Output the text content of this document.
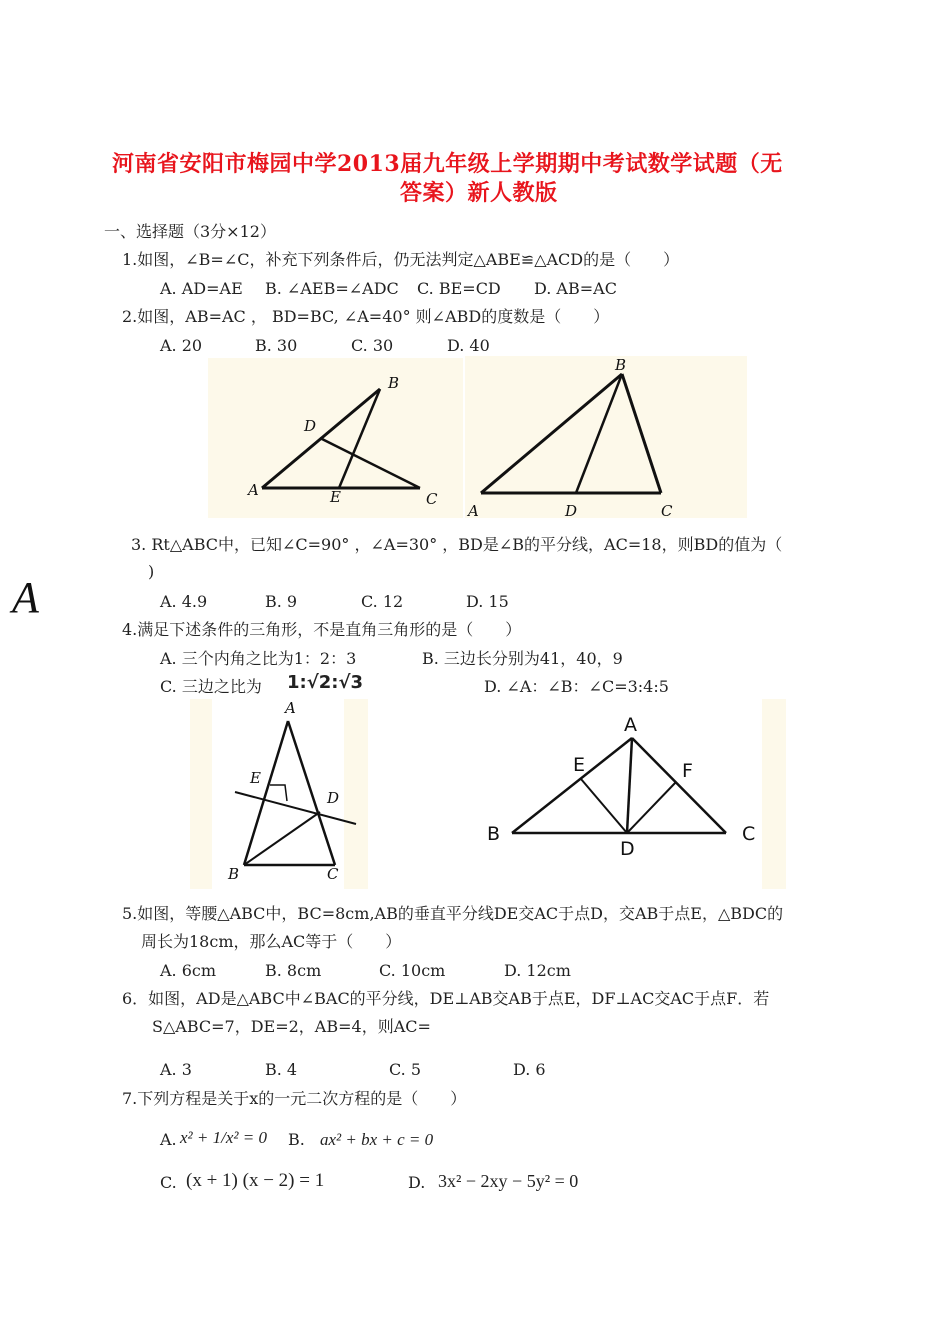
河南省安阳市梅园中学2013届九年级上学期期中考试数学试题（无
答案）新人教版
一、选择题（3分×12）
A
1.如图，∠B=∠C，补充下列条件后，仍无法判定△ABE≌△ACD的是（　　）
A. AD=AE B. ∠AEB=∠ADC C. BE=CD D. AB=AC
2.如图，AB=AC ， BD=BC, ∠A=40° 则∠ABD的度数是（　　）
A. 20	B. 30	C. 30	D. 40
B
D
A	E	C
B
A	D	C
3. Rt△ABC中，已知∠C=90° ，∠A=30° ，BD是∠B的平分线，AC=18，则BD的值为（
)
A. 4.9	B. 9	C. 12	D. 15
4.满足下述条件的三角形，不是直角三角形的是（　　）
A. 三个内角之比为1：2：3	B. 三边长分别为41，40，9
C. 三边之比为 1:√2:√3	D. ∠A：∠B：∠C=3:4:5
A
E
D
B	C
A
E	F
B
D
C
5.如图，等腰△ABC中，BC=8cm,AB的垂直平分线DE交AC于点D，交AB于点E，△BDC的
周长为18cm，那么AC等于（　　）
A. 6cm	B. 8cm	C. 10cm	D. 12cm
6．如图，AD是△ABC中∠BAC的平分线，DE⊥AB交AB于点E，DF⊥AC交AC于点F．若
S△ABC=7，DE=2，AB=4，则AC=
A. 3	B. 4	C. 5	D. 6
7.下列方程是关于x的一元二次方程的是（　　）
A. x² + 1/x² = 0 B. ax² + bx + c = 0
C. (x + 1) (x − 2) = 1	D. 3x² − 2xy − 5y² = 0
